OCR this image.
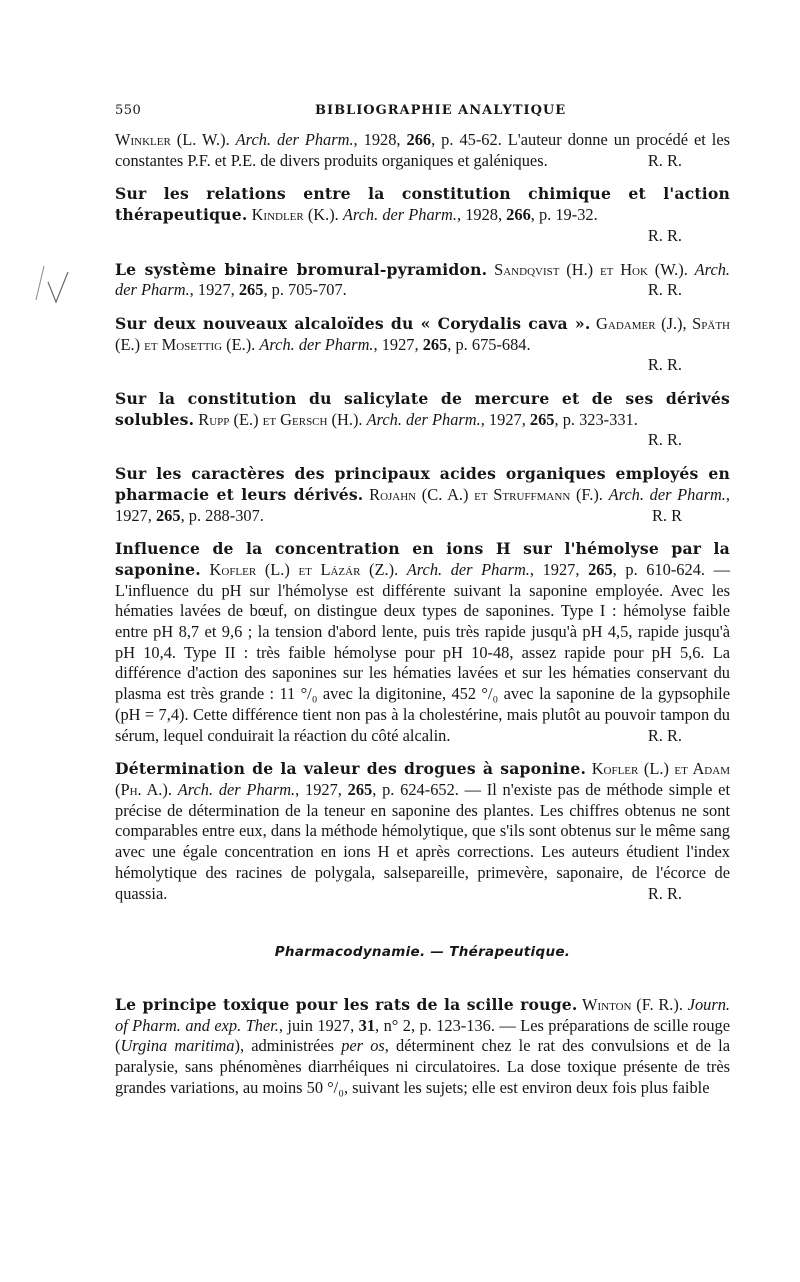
550	BIBLIOGRAPHIE ANALYTIQUE

Winkler (L. W.). Arch. der Pharm., 1928, 266, p. 45-62. L'auteur donne un procédé et les constantes P.F. et P.E. de divers produits organiques et galéniques.	R. R.

Sur les relations entre la constitution chimique et l'action thérapeutique. Kindler (K.). Arch. der Pharm., 1928, 266, p. 19-32.
R. R.

Le système binaire bromural-pyramidon. Sandqvist (H.) et Hok (W.). Arch. der Pharm., 1927, 265, p. 705-707.	R. R.

Sur deux nouveaux alcaloïdes du « Corydalis cava ». Gadamer (J.), Späth (E.) et Mosettig (E.). Arch. der Pharm., 1927, 265, p. 675-684.
R. R.

Sur la constitution du salicylate de mercure et de ses dérivés solubles. Rupp (E.) et Gersch (H.). Arch. der Pharm., 1927, 265, p. 323-331.
R. R.

Sur les caractères des principaux acides organiques employés en pharmacie et leurs dérivés. Rojahn (C. A.) et Struffmann (F.). Arch. der Pharm., 1927, 265, p. 288-307.	R. R

Influence de la concentration en ions H sur l'hémolyse par la saponine. Kofler (L.) et Lázár (Z.). Arch. der Pharm., 1927, 265, p. 610-624. — L'influence du pH sur l'hémolyse est différente suivant la saponine employée. Avec les hématies lavées de bœuf, on distingue deux types de saponines. Type I : hémolyse faible entre pH 8,7 et 9,6 ; la tension d'abord lente, puis très rapide jusqu'à pH 4,5, rapide jusqu'à pH 10,4. Type II : très faible hémolyse pour pH 10-48, assez rapide pour pH 5,6. La différence d'action des saponines sur les hématies lavées et sur les hématies conservant du plasma est très grande : 11 °/₀ avec la digitonine, 452 °/₀ avec la saponine de la gypsophile (pH = 7,4). Cette différence tient non pas à la cholestérine, mais plutôt au pouvoir tampon du sérum, lequel conduirait la réaction du côté alcalin.	R. R.

Détermination de la valeur des drogues à saponine. Kofler (L.) et Adam (Ph. A.). Arch. der Pharm., 1927, 265, p. 624-652. — Il n'existe pas de méthode simple et précise de détermination de la teneur en saponine des plantes. Les chiffres obtenus ne sont comparables entre eux, dans la méthode hémolytique, que s'ils sont obtenus sur le même sang avec une égale concentration en ions H et après corrections. Les auteurs étudient l'index hémolytique des racines de polygala, salsepareille, primevère, saponaire, de l'écorce de quassia.	R. R.

Pharmacodynamie. — Thérapeutique.

Le principe toxique pour les rats de la scille rouge. Winton (F. R.). Journ. of Pharm. and exp. Ther., juin 1927, 31, n° 2, p. 123-136. — Les préparations de scille rouge (Urgina maritima), administrées per os, déterminent chez le rat des convulsions et de la paralysie, sans phénomènes diarrhéiques ni circulatoires. La dose toxique présente de très grandes variations, au moins 50 °/₀, suivant les sujets; elle est environ deux fois plus faible
